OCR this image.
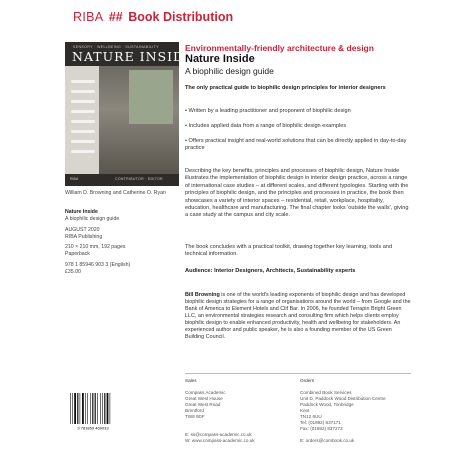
RIBA ## Book Distribution
SENSORY · WELLBEING · SUSTAINABILITY
NATURE INSIDE
RIBA	CONTRIBUTOR · EDITOR
William D. Browning and Catherine O. Ryan
Nature Inside
A biophilic design guide
AUGUST 2020
RIBA Publishing
210 × 210 mm, 192 pages
Paperback
978 1 85946 903 3 (English)
£35.00
9 781859 469033
Environmentally-friendly architecture & design
Nature Inside
A biophilic design guide
The only practical guide to biophilic design principles for interior designers
• Written by a leading practitioner and proponent of biophilic design
• Includes applied data from a range of biophilic design examples
• Offers practical insight and real-world solutions that can be directly applied in day-to-day practice
Describing the key benefits, principles and processes of biophilic design, Nature Inside illustrates the implementation of biophilic design in interior design practice, across a range of international case studies – at different scales, and different typologies. Starting with the principles of biophilic design, and the principles and processes in practice, the book then showcases a variety of interior spaces – residential, retail, workplace, hospitality, education, healthcare and manufacturing. The final chapter looks 'outside the walls', giving a case study at the campus and city scale.
The book concludes with a practical toolkit, drawing together key learning, tools and technical information.
Audience: Interior Designers, Architects, Sustainability experts
Bill Browning is one of the world's leading exponents of biophilic design and has developed biophilic design strategies for a range of organisations around the world – from Google and the Bank of America to Element Hotels and Clif Bar. In 2006, he founded Terrapin Bright Green LLC, an environmental strategies research and consulting firm which helps clients employ biophilic design to enable enhanced productivity, health and wellbeing for stakeholders. An experienced author and public speaker, he is also a founding member of the US Green Building Council.
Sales
Compass Academic
Great West House
Great West Road
Brentford
TW8 9DF
E: ss@compass-academic.co.uk
W: www.compass-academic.co.uk
Orders
Combined Book Services
Unit D, Paddock Wood Distribution Centre
Paddock Wood, Tonbridge
Kent
TN12 6UU
Tel: (01892) 837171
Fax: (01892) 837272
E: orders@combook.co.uk
